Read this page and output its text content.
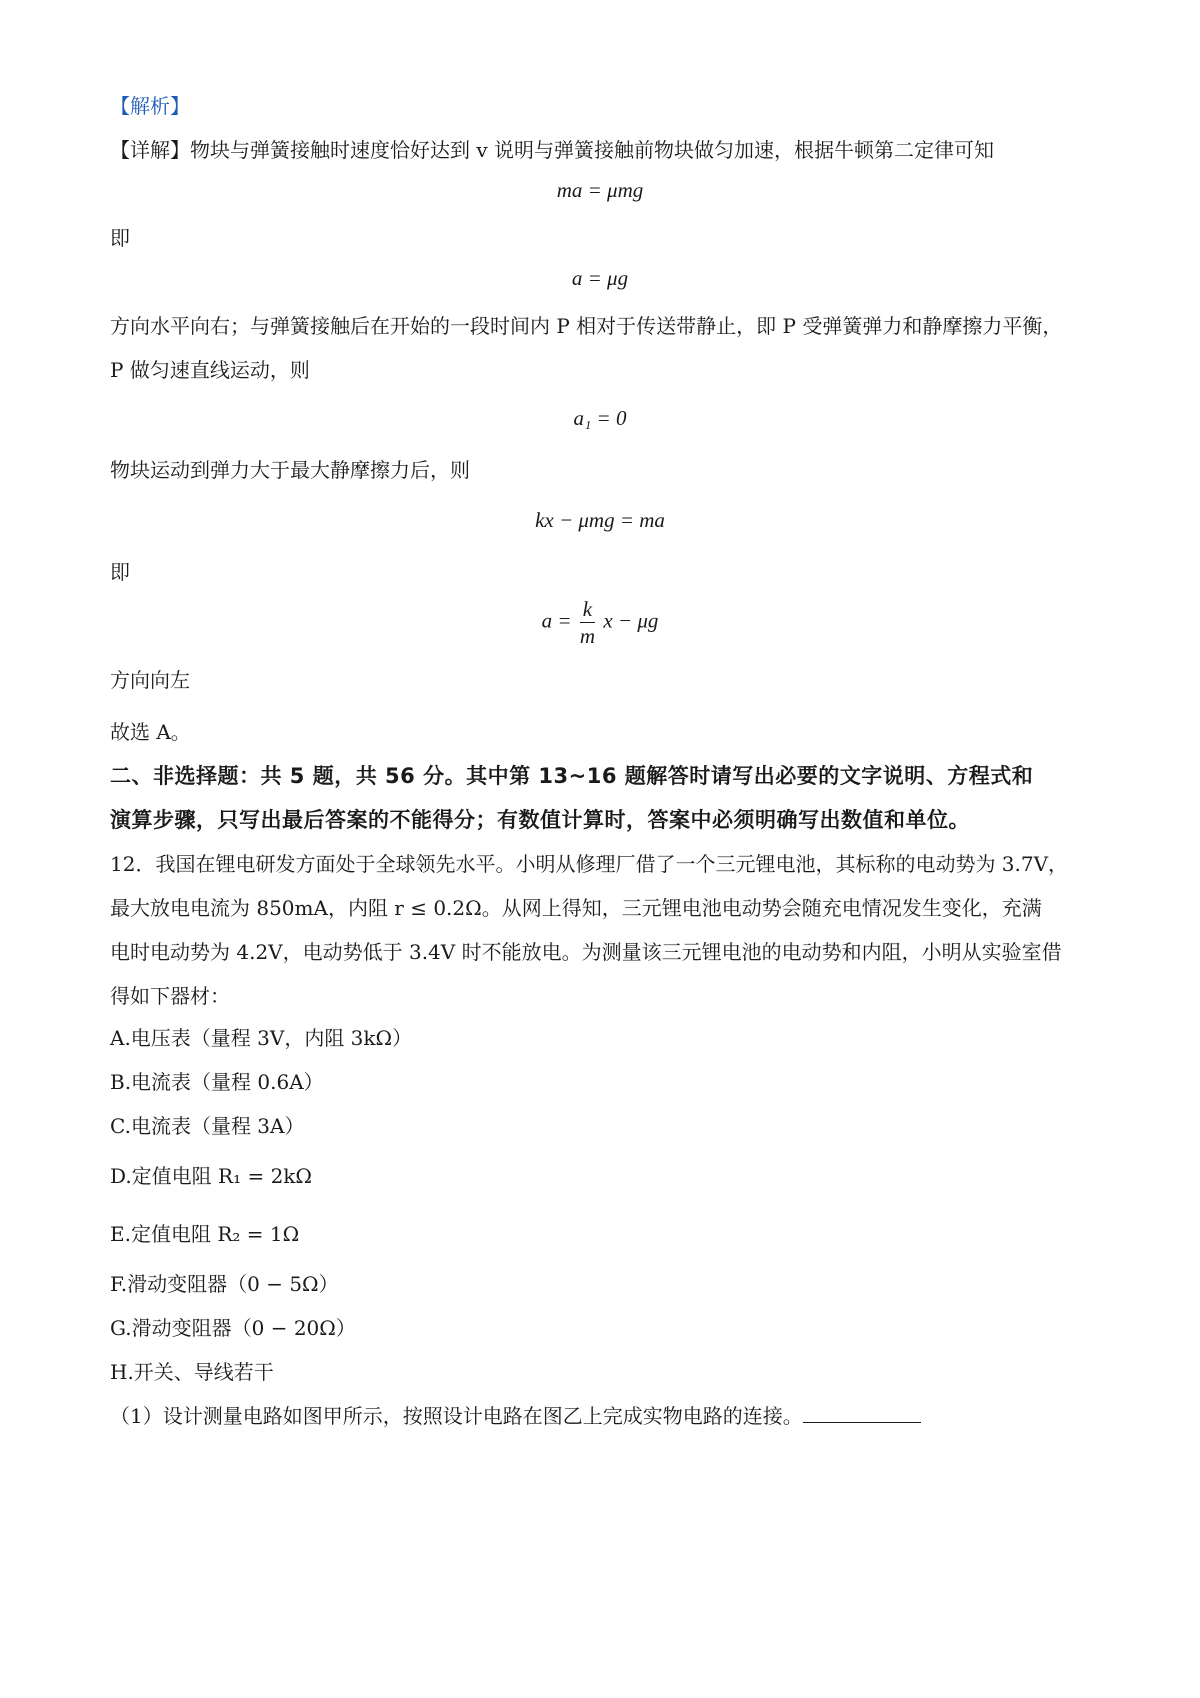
【解析】
【详解】物块与弹簧接触时速度恰好达到 v 说明与弹簧接触前物块做匀加速，根据牛顿第二定律可知
ma = μmg
即
a = μg
方向水平向右；与弹簧接触后在开始的一段时间内 P 相对于传送带静止，即 P 受弹簧弹力和静摩擦力平衡，
P 做匀速直线运动，则
a₁ = 0
物块运动到弹力大于最大静摩擦力后，则
kx − μmg = ma
即
$a = \frac{k}{m}$ x − μg
方向向左
故选 A。
二、非选择题：共 5 题，共 56 分。其中第 13~16 题解答时请写出必要的文字说明、方程式和
演算步骤，只写出最后答案的不能得分；有数值计算时，答案中必须明确写出数值和单位。
12．我国在锂电研发方面处于全球领先水平。小明从修理厂借了一个三元锂电池，其标称的电动势为 3.7V，
最大放电电流为 850mA，内阻 r ≤ 0.2Ω。从网上得知，三元锂电池电动势会随充电情况发生变化，充满
电时电动势为 4.2V，电动势低于 3.4V 时不能放电。为测量该三元锂电池的电动势和内阻，小明从实验室借
得如下器材：
A.电压表（量程 3V，内阻 3kΩ）
B.电流表（量程 0.6A）
C.电流表（量程 3A）
D.定值电阻 R₁ = 2kΩ
E.定值电阻 R₂ = 1Ω
F.滑动变阻器（0 − 5Ω）
G.滑动变阻器（0 − 20Ω）
H.开关、导线若干
（1）设计测量电路如图甲所示，按照设计电路在图乙上完成实物电路的连接。
